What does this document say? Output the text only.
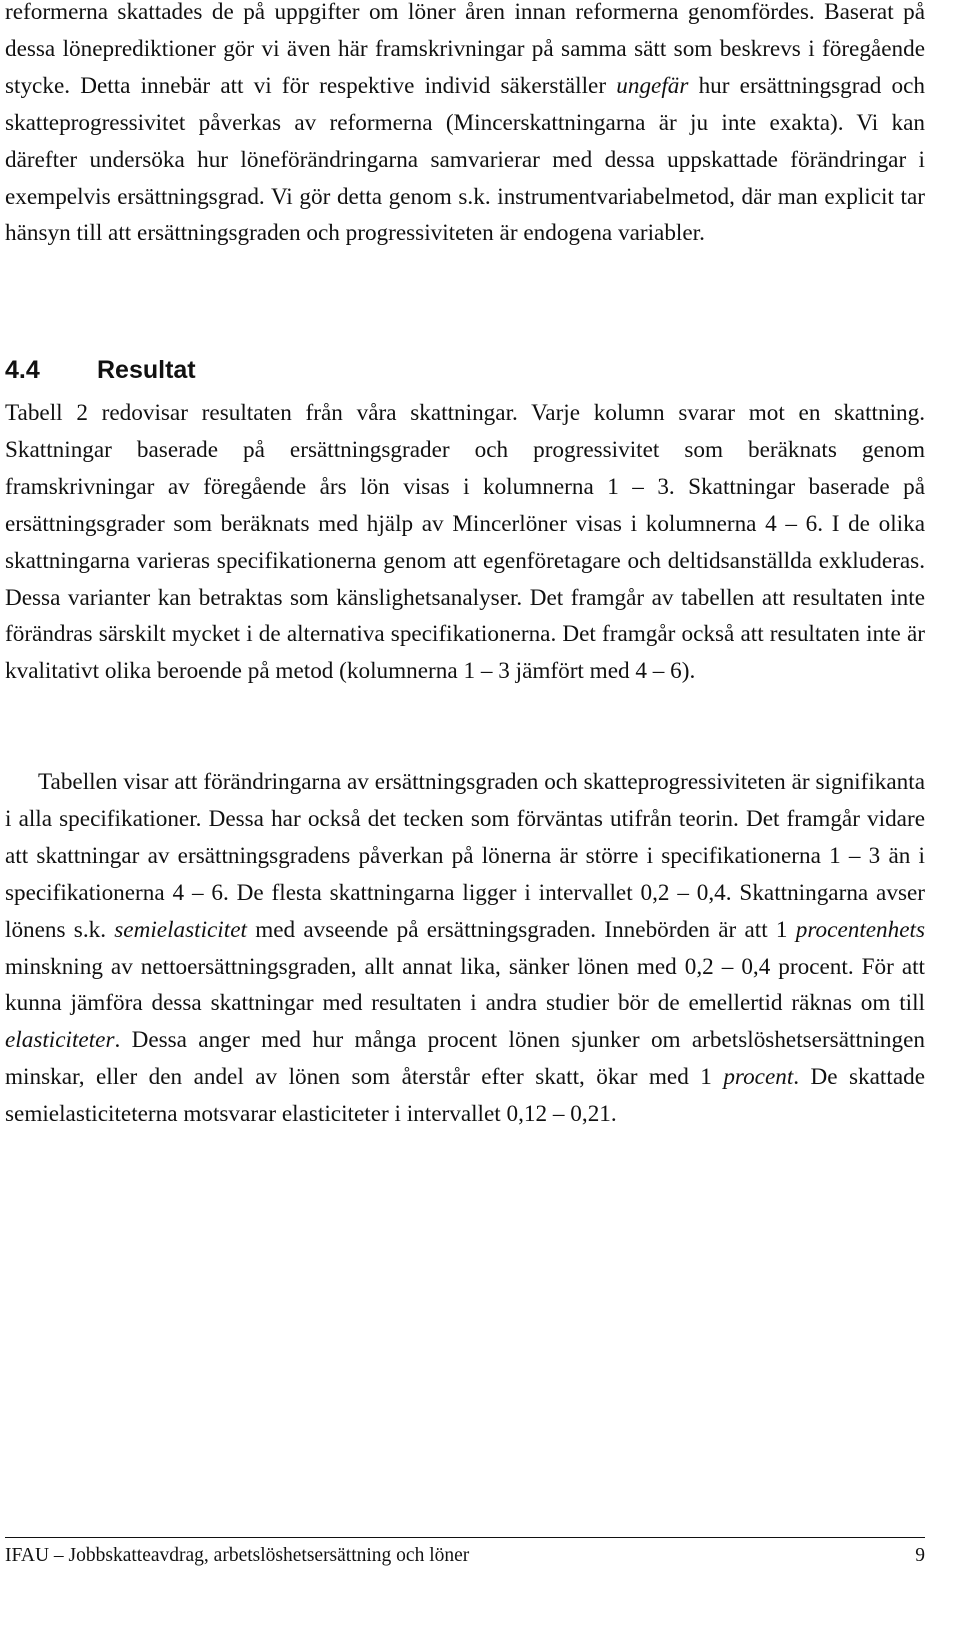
reformerna skattades de på uppgifter om löner åren innan reformerna genomfördes. Baserat på dessa löneprediktioner gör vi även här framskrivningar på samma sätt som beskrevs i föregående stycke. Detta innebär att vi för respektive individ säkerställer ungefär hur ersättningsgrad och skatteprogressivitet påverkas av reformerna (Mincerskattningarna är ju inte exakta). Vi kan därefter undersöka hur löneförändringarna samvarierar med dessa uppskattade förändringar i exempelvis ersättningsgrad. Vi gör detta genom s.k. instrumentvariabelmetod, där man explicit tar hänsyn till att ersättningsgraden och progressiviteten är endogena variabler.

4.4 Resultat

Tabell 2 redovisar resultaten från våra skattningar. Varje kolumn svarar mot en skattning. Skattningar baserade på ersättningsgrader och progressivitet som beräknats genom framskrivningar av föregående års lön visas i kolumnerna 1 – 3. Skattningar baserade på ersättningsgrader som beräknats med hjälp av Mincerlöner visas i kolumnerna 4 – 6. I de olika skattningarna varieras specifikationerna genom att egenföretagare och deltidsanställda exkluderas. Dessa varianter kan betraktas som känslighetsanalyser. Det framgår av tabellen att resultaten inte förändras särskilt mycket i de alternativa specifikationerna. Det framgår också att resultaten inte är kvalitativt olika beroende på metod (kolumnerna 1 – 3 jämfört med 4 – 6).

Tabellen visar att förändringarna av ersättningsgraden och skatteprogressiviteten är signifikanta i alla specifikationer. Dessa har också det tecken som förväntas utifrån teorin. Det framgår vidare att skattningar av ersättningsgradens påverkan på lönerna är större i specifikationerna 1 – 3 än i specifikationerna 4 – 6. De flesta skattningarna ligger i intervallet 0,2 – 0,4. Skattningarna avser lönens s.k. semielasticitet med avseende på ersättningsgraden. Innebörden är att 1 procentenhets minskning av nettoersättningsgraden, allt annat lika, sänker lönen med 0,2 – 0,4 procent. För att kunna jämföra dessa skattningar med resultaten i andra studier bör de emellertid räknas om till elasticiteter. Dessa anger med hur många procent lönen sjunker om arbetslöshetsersättningen minskar, eller den andel av lönen som återstår efter skatt, ökar med 1 procent. De skattade semielasticiteterna motsvarar elasticiteter i intervallet 0,12 – 0,21.

IFAU – Jobbskatteavdrag, arbetslöshetsersättning och löner	9
